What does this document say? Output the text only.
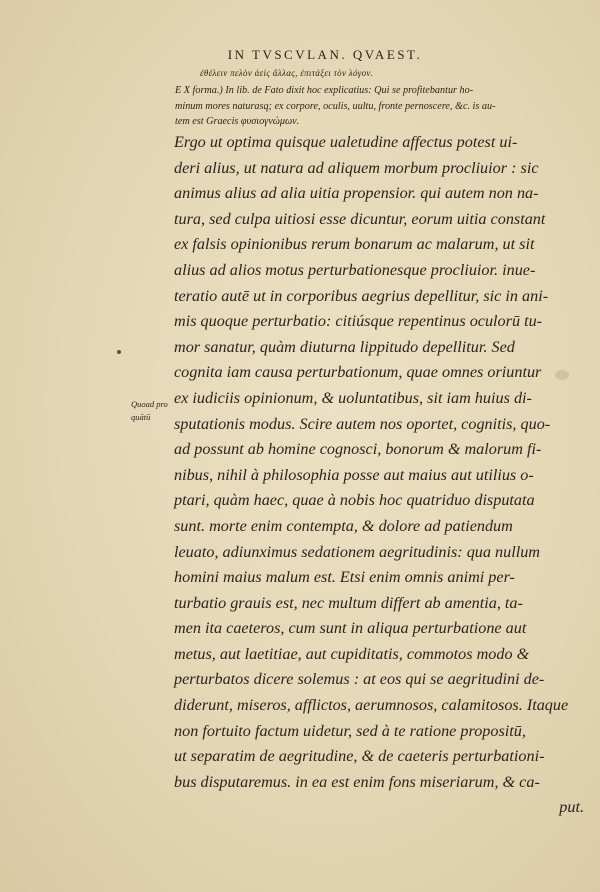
IN TVSCVLAN. QVAEST.
ἐθέλειν πελὸν ἀεὶς ἄλλας, ἐπιτάξει τὸν λόγον.
E X forma.) In lib. de Fato dixit hoc explicatius: Qui se profitebantur ho-
minum mores naturasq; ex corpore, oculis, uultu, fronte pernoscere, &c. is au-
tem est Graecis φυσιογνώμων.
Quoad pro quātū
Ergo ut optima quisque ualetudine affectus potest ui-
deri alius, ut natura ad aliquem morbum procliuior : sic
animus alius ad alia uitia propensior. qui autem non na-
tura, sed culpa uitiosi esse dicuntur, eorum uitia constant
ex falsis opinionibus rerum bonarum ac malarum, ut sit
alius ad alios motus perturbationesque procliuior. inue-
teratio autē ut in corporibus aegrius depellitur, sic in ani-
mis quoque perturbatio: citiúsque repentinus oculorū tu-
mor sanatur, quàm diuturna lippitudo depellitur. Sed
cognita iam causa perturbationum, quae omnes oriuntur
ex iudiciis opinionum, & uoluntatibus, sit iam huius di-
sputationis modus. Scire autem nos oportet, cognitis, quo-
ad possunt ab homine cognosci, bonorum & malorum fi-
nibus, nihil à philosophia posse aut maius aut utilius o-
ptari, quàm haec, quae à nobis hoc quatriduo disputata
sunt. morte enim contempta, & dolore ad patiendum
leuato, adiunximus sedationem aegritudinis: qua nullum
homini maius malum est. Etsi enim omnis animi per-
turbatio grauis est, nec multum differt ab amentia, ta-
men ita caeteros, cum sunt in aliqua perturbatione aut
metus, aut laetitiae, aut cupiditatis, commotos modo &
perturbatos dicere solemus : at eos qui se aegritudini de-
diderunt, miseros, afflictos, aerumnosos, calamitosos. Itaque
non fortuito factum uidetur, sed à te ratione propositū,
ut separatim de aegritudine, & de caeteris perturbationi-
bus disputaremus. in ea est enim fons miseriarum, & ca-
put.
